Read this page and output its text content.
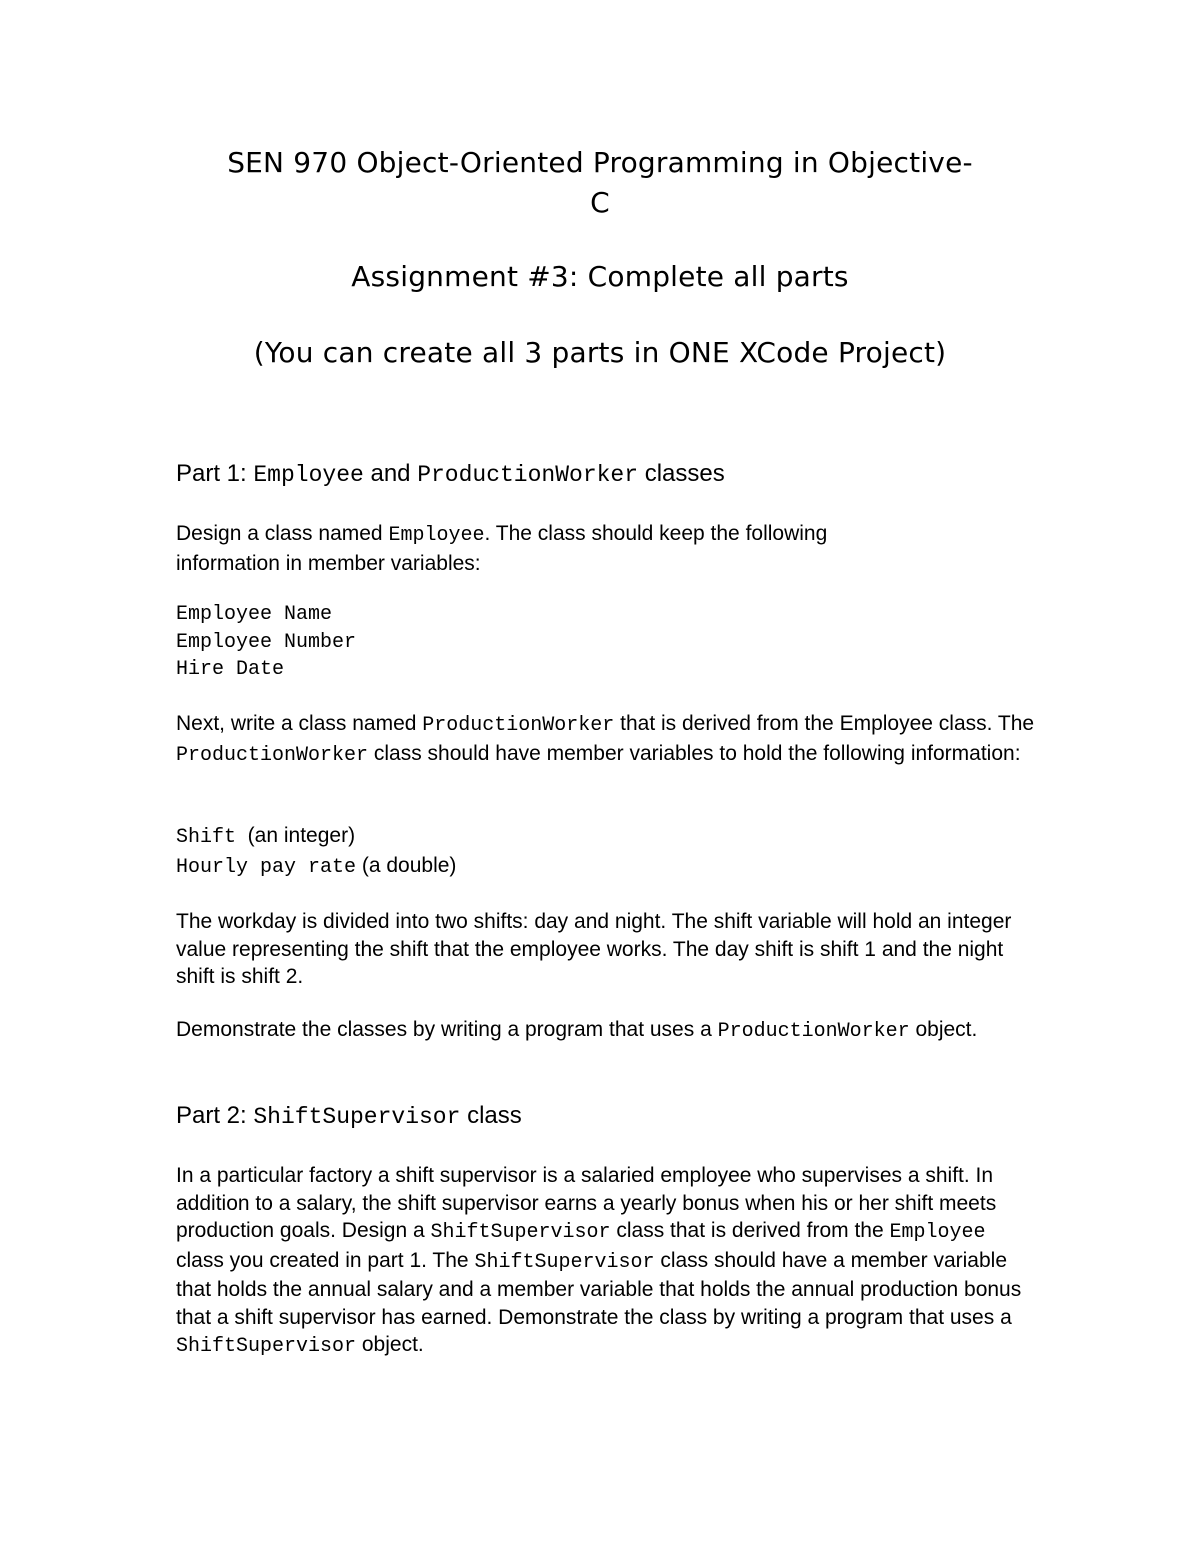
SEN 970 Object-Oriented Programming in Objective-
C
Assignment #3: Complete all parts
(You can create all 3 parts in ONE XCode Project)
Part 1: Employee and ProductionWorker classes
Design a class named Employee. The class should keep the following information in member variables:
Employee Name
Employee Number
Hire Date
Next, write a class named ProductionWorker that is derived from the Employee class. The ProductionWorker class should have member variables to hold the following information:
Shift  (an integer)
Hourly pay rate (a double)
The workday is divided into two shifts: day and night. The shift variable will hold an integer value representing the shift that the employee works. The day shift is shift 1 and the night shift is shift 2.
Demonstrate the classes by writing a program that uses a ProductionWorker object.
Part 2: ShiftSupervisor class
In a particular factory a shift supervisor is a salaried employee who supervises a shift. In addition to a salary, the shift supervisor earns a yearly bonus when his or her shift meets production goals. Design a ShiftSupervisor class that is derived from the Employee class you created in part 1. The ShiftSupervisor class should have a member variable that holds the annual salary and a member variable that holds the annual production bonus that a shift supervisor has earned. Demonstrate the class by writing a program that uses a ShiftSupervisor object.
